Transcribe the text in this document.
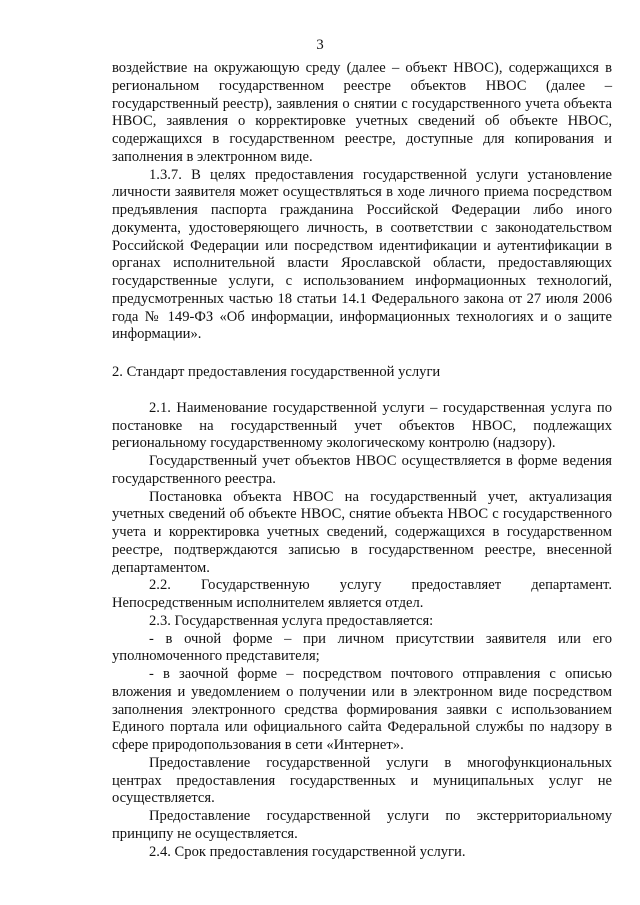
3

воздействие на окружающую среду (далее – объект НВОС), содержащихся в региональном государственном реестре объектов НВОС (далее – государственный реестр), заявления о снятии с государственного учета объекта НВОС, заявления о корректировке учетных сведений об объекте НВОС, содержащихся в государственном реестре, доступные для копирования и заполнения в электронном виде.

1.3.7. В целях предоставления государственной услуги установление личности заявителя может осуществляться в ходе личного приема посредством предъявления паспорта гражданина Российской Федерации либо иного документа, удостоверяющего личность, в соответствии с законодательством Российской Федерации или посредством идентификации и аутентификации в органах исполнительной власти Ярославской области, предоставляющих государственные услуги, с использованием информационных технологий, предусмотренных частью 18 статьи 14.1 Федерального закона от 27 июля 2006 года № 149-ФЗ «Об информации, информационных технологиях и о защите информации».

2. Стандарт предоставления государственной услуги

2.1. Наименование государственной услуги – государственная услуга по постановке на государственный учет объектов НВОС, подлежащих региональному государственному экологическому контролю (надзору).

Государственный учет объектов НВОС осуществляется в форме ведения государственного реестра.

Постановка объекта НВОС на государственный учет, актуализация учетных сведений об объекте НВОС, снятие объекта НВОС с государственного учета и корректировка учетных сведений, содержащихся в государственном реестре, подтверждаются записью в государственном реестре, внесенной департаментом.

2.2. Государственную услугу предоставляет департамент. Непосредственным исполнителем является отдел.

2.3. Государственная услуга предоставляется:

- в очной форме – при личном присутствии заявителя или его уполномоченного представителя;

- в заочной форме – посредством почтового отправления с описью вложения и уведомлением о получении или в электронном виде посредством заполнения электронного средства формирования заявки с использованием Единого портала или официального сайта Федеральной службы по надзору в сфере природопользования в сети «Интернет».

Предоставление государственной услуги в многофункциональных центрах предоставления государственных и муниципальных услуг не осуществляется.

Предоставление государственной услуги по экстерриториальному принципу не осуществляется.

2.4. Срок предоставления государственной услуги.
